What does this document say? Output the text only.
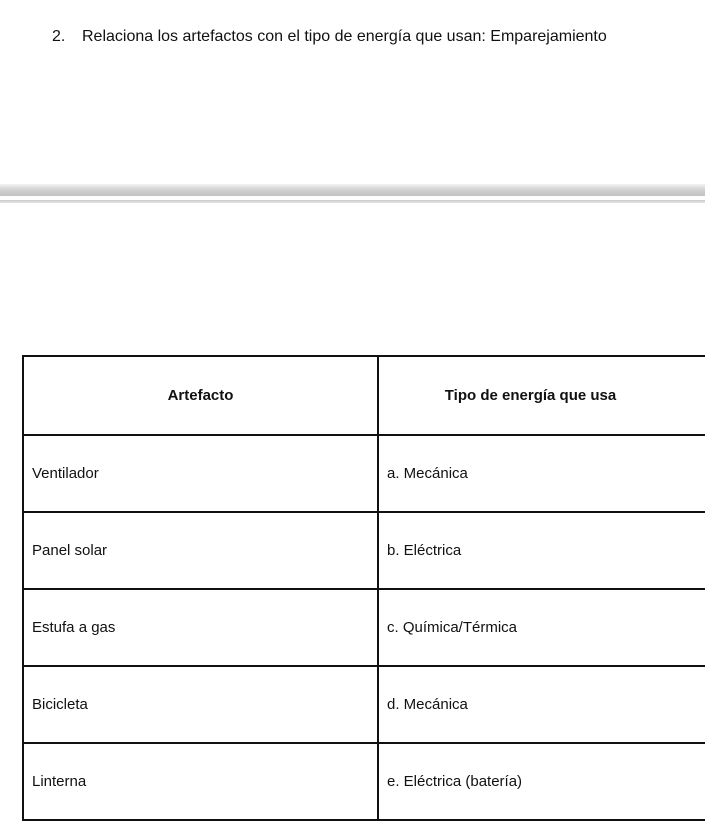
2. Relaciona los artefactos con el tipo de energía que usan: Emparejamiento
Artefacto	Tipo de energía que usa
Ventilador	a. Mecánica
Panel solar	b. Eléctrica
Estufa a gas	c. Química/Térmica
Bicicleta	d. Mecánica
Linterna	e. Eléctrica (batería)
